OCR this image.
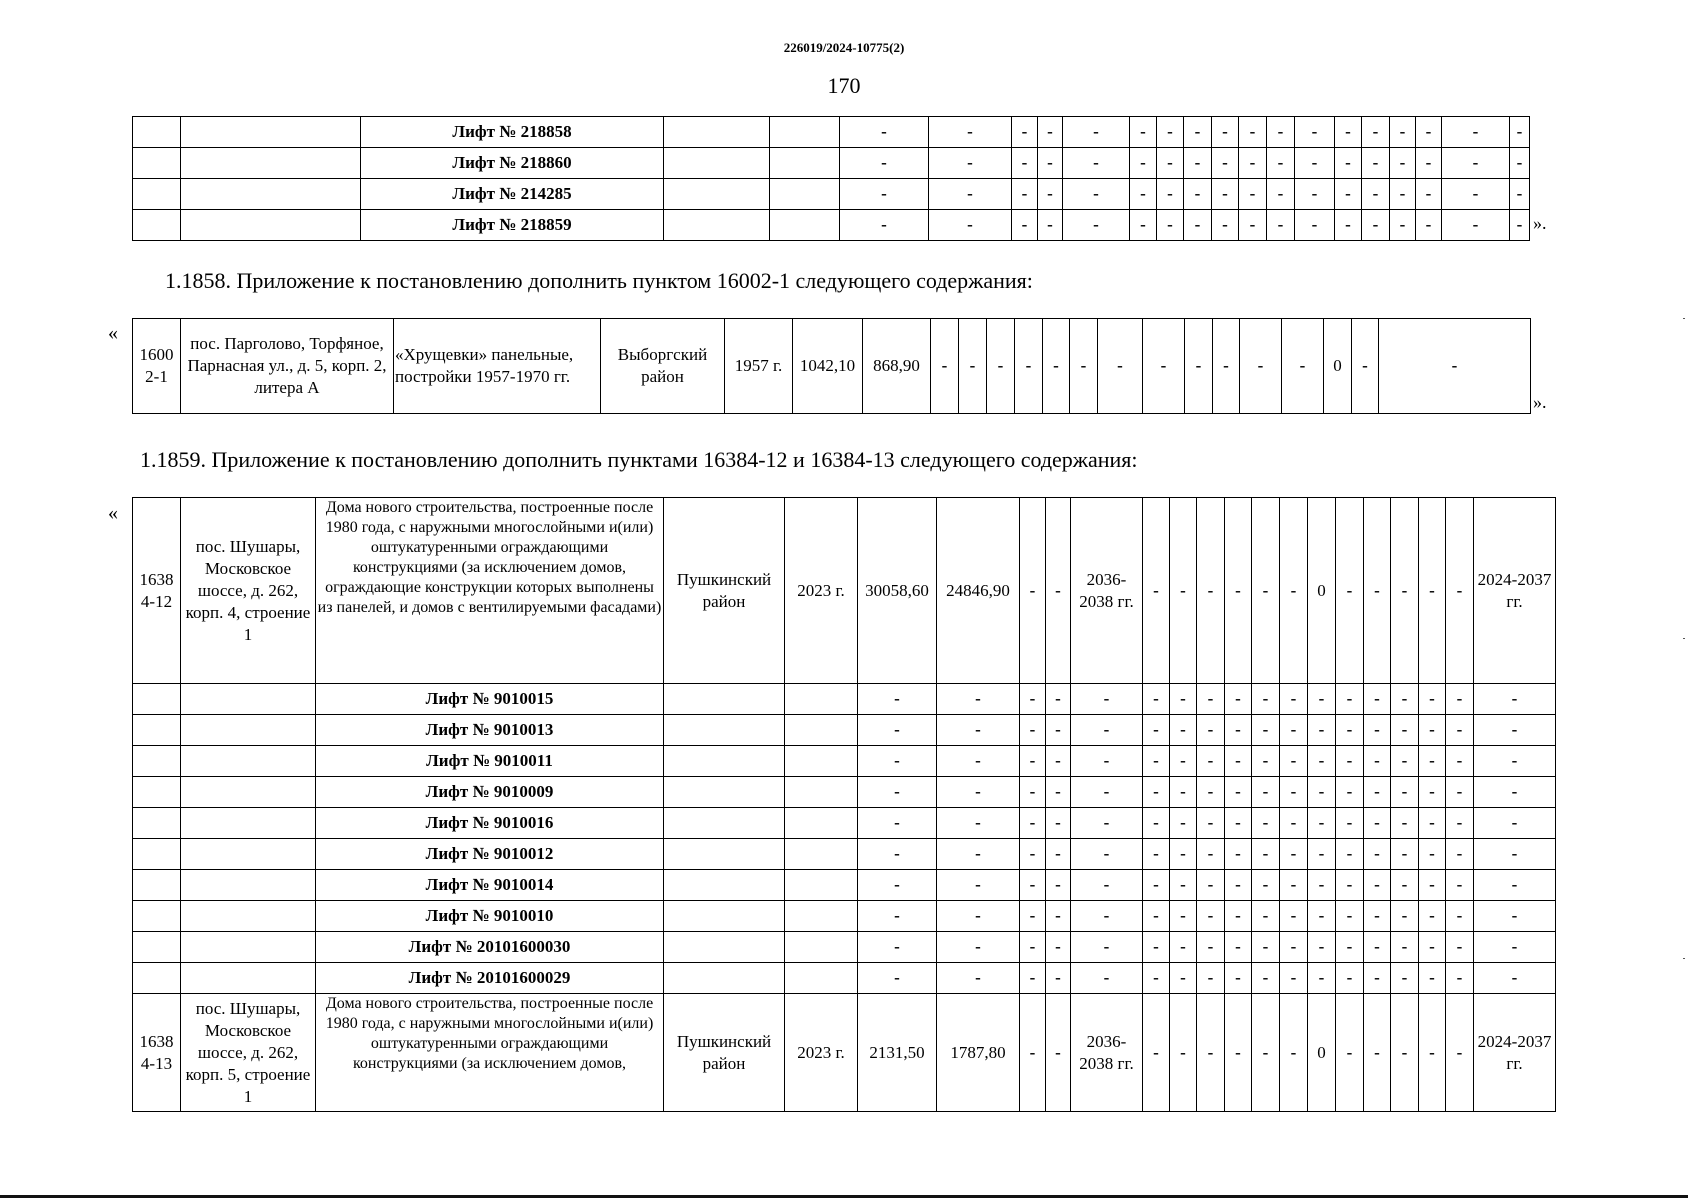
226019/2024-10775(2)
170
		Лифт № 218858			-	-	-	-	-	-	-	-	-	-	-	-	-	-	-	-	-	-
		Лифт № 218860			-	-	-	-	-	-	-	-	-	-	-	-	-	-	-	-	-	-
		Лифт № 214285			-	-	-	-	-	-	-	-	-	-	-	-	-	-	-	-	-	-
		Лифт № 218859			-	-	-	-	-	-	-	-	-	-	-	-	-	-	-	-	-	- ».
1.1858. Приложение к постановлению дополнить пунктом 16002-1 следующего содержания:
«
1600 2-1	пос. Парголово, Торфяное, Парнасная ул., д. 5, корп. 2, литера А	«Хрущевки» панельные, постройки 1957-1970 гг.	Выборгский район	1957 г.	1042,10	868,90	-	-	-	-	-	-	-	-	-	-	-	-	0	-	-	
».
1.1859. Приложение к постановлению дополнить пунктами 16384-12 и 16384-13 следующего содержания:
«
1638 4-12	пос. Шушары, Московское шоссе, д. 262, корп. 4, строение 1	Дома нового строительства, построенные после 1980 года, с наружными многослойными и(или) оштукатуренными ограждающими конструкциями (за исключением домов, ограждающие конструкции которых выполнены из панелей, и домов с вентилируемыми фасадами)	Пушкинский район	2023 г.	30058,60	24846,90	-	-	2036-2038 гг.	-	-	-	-	-	-	0	-	-	-	-	-	2024-2037 гг.
		Лифт № 9010015			-	-	-	-	-	-	-	-	-	-	-	-	-	-	-	-	-	-
		Лифт № 9010013			-	-	-	-	-	-	-	-	-	-	-	-	-	-	-	-	-	-
		Лифт № 9010011			-	-	-	-	-	-	-	-	-	-	-	-	-	-	-	-	-	-
		Лифт № 9010009			-	-	-	-	-	-	-	-	-	-	-	-	-	-	-	-	-	-
		Лифт № 9010016			-	-	-	-	-	-	-	-	-	-	-	-	-	-	-	-	-	-
		Лифт № 9010012			-	-	-	-	-	-	-	-	-	-	-	-	-	-	-	-	-	-
		Лифт № 9010014			-	-	-	-	-	-	-	-	-	-	-	-	-	-	-	-	-	-
		Лифт № 9010010			-	-	-	-	-	-	-	-	-	-	-	-	-	-	-	-	-	-
		Лифт № 20101600030			-	-	-	-	-	-	-	-	-	-	-	-	-	-	-	-	-	-
		Лифт № 20101600029			-	-	-	-	-	-	-	-	-	-	-	-	-	-	-	-	-	-
1638 4-13	пос. Шушары, Московское шоссе, д. 262, корп. 5, строение 1	Дома нового строительства, построенные после 1980 года, с наружными многослойными и(или) оштукатуренными ограждающими конструкциями (за исключением домов,	Пушкинский район	2023 г.	2131,50	1787,80	-	-	2036-2038 гг.	-	-	-	-	-	-	0	-	-	-	-	-	2024-2037 гг.
